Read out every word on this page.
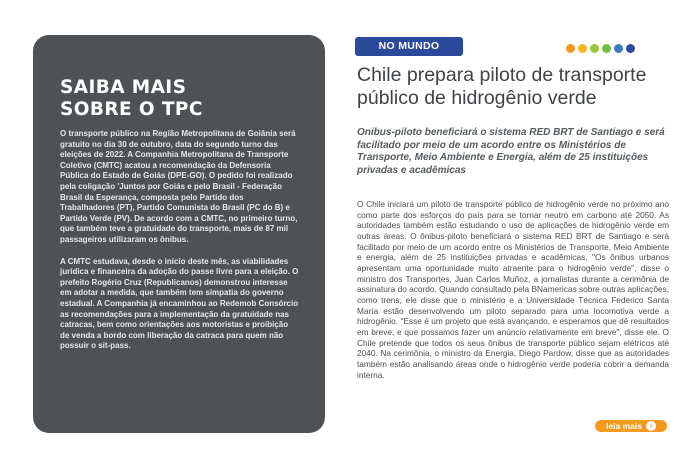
SAIBA MAIS
SOBRE O TPC

O transporte público na Região Metropolitana de Goiânia será gratuito no dia 30 de outubro, data do segundo turno das eleições de 2022. A Companhia Metropolitana de Transporte Coletivo (CMTC) acatou a recomendação da Defensoria Pública do Estado de Goiás (DPE-GO). O pedido foi realizado pela coligação 'Juntos por Goiás e pelo Brasil - Federação Brasil da Esperança, composta pelo Partido dos Trabalhadores (PT), Partido Comunista do Brasil (PC do B) e Partido Verde (PV). De acordo com a CMTC, no primeiro turno, que também teve a gratuidade do transporte, mais de 87 mil passageiros utilizaram os ônibus.

A CMTC estudava, desde o início deste mês, as viabilidades jurídica e financeira da adoção do passe livre para a eleição. O prefeito Rogério Cruz (Republicanos) demonstrou interesse em adotar a medida, que também tem simpatia do governo estadual. A Companhia já encaminhou ao Redemob Consórcio as recomendações para a implementação da gratuidade nas catracas, bem como orientações aos motoristas e proibição de venda a bordo com liberação da catraca para quem não possuir o sit-pass.

NO MUNDO
Chile prepara piloto de transporte público de hidrogênio verde

Onibus-piloto beneficiará o sistema RED BRT de Santiago e será facilitado por meio de um acordo entre os Ministérios de Transporte, Meio Ambiente e Energia, além de 25 instituições privadas e acadêmicas

O Chile iniciará um piloto de transporte público de hidrogênio verde no próximo ano como parte dos esforços do país para se tornar neutro em carbono até 2050. As autoridades também estão estudando o uso de aplicações de hidrogênio verde em outras áreas. O ônibus-piloto beneficiará o sistema RED BRT de Santiago e será facilitado por meio de um acordo entre os Ministérios de Transporte, Meio Ambiente e energia, além de 25 instituições privadas e acadêmicas. "Os ônibus urbanos apresentam uma oportunidade muito atraente para o hidrogênio verde", disse o ministro dos Transportes, Juan Carlos Muñoz, a jornalistas durante a cerimônia de assinatura do acordo. Quando consultado pela BNamericas sobre outras aplicações, como trens, ele disse que o ministério e a Universidade Técnica Federico Santa María estão desenvolvendo um piloto separado para uma locomotiva verde a hidrogênio. "Esse é um projeto que está avançando, e esperamos que dê resultados em breve, e que possamos fazer um anúncio relativamente em breve", disse ele. O Chile pretende que todos os seus ônibus de transporte público sejam elétricos até 2040. Na cerimônia, o ministro da Energia, Diego Pardow, disse que as autoridades também estão analisando áreas onde o hidrogênio verde poderia cobrir a demanda interna.

leia mais ›
